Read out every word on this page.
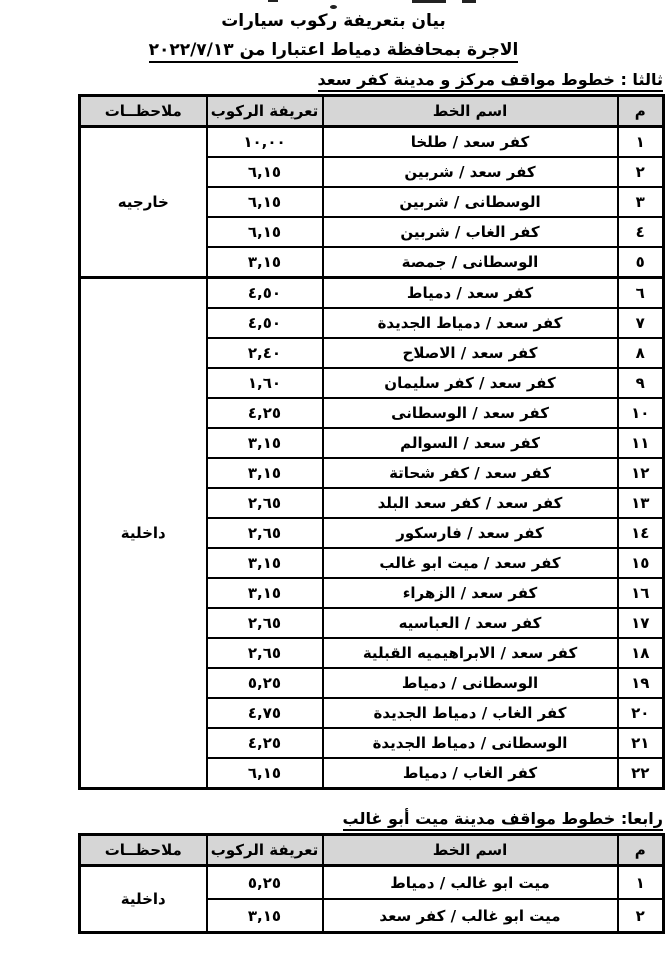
بيان بتعريفة ركوب سيارات
الاجرة بمحافظة دمياط اعتبارا من ٢٠٢٢/٧/١٣
ثالثا : خطوط مواقف مركز و مدينة كفر سعد
م	اسم الخط	تعريفة الركوب	ملاحظــات
١	كفر سعد / طلخا	١٠,٠٠	خارجيه
٢	كفر سعد / شربين	٦,١٥	
٣	الوسطانى / شربين	٦,١٥	
٤	كفر الغاب / شربين	٦,١٥	
٥	الوسطانى / جمصة	٣,١٥	
٦	كفر سعد / دمياط	٤,٥٠	داخلية
٧	كفر سعد / دمياط الجديدة	٤,٥٠	
٨	كفر سعد / الاصلاح	٢,٤٠	
٩	كفر سعد / كفر سليمان	١,٦٠	
١٠	كفر سعد / الوسطانى	٤,٢٥	
١١	كفر سعد / السوالم	٣,١٥	
١٢	كفر سعد / كفر شحاتة	٣,١٥	
١٣	كفر سعد / كفر سعد البلد	٢,٦٥	
١٤	كفر سعد / فارسكور	٢,٦٥	
١٥	كفر سعد / ميت ابو غالب	٣,١٥	
١٦	كفر سعد / الزهراء	٣,١٥	
١٧	كفر سعد / العباسيه	٢,٦٥	
١٨	كفر سعد / الابراهيميه القبلية	٢,٦٥	
١٩	الوسطانى / دمياط	٥,٢٥	
٢٠	كفر الغاب / دمياط الجديدة	٤,٧٥	
٢١	الوسطانى / دمياط الجديدة	٤,٢٥	
٢٢	كفر الغاب / دمياط	٦,١٥	
رابعا: خطوط مواقف مدينة ميت أبو غالب
م	اسم الخط	تعريفة الركوب	ملاحظــات
١	ميت ابو غالب / دمياط	٥,٢٥	داخلية
٢	ميت ابو غالب / كفر سعد	٣,١٥	
